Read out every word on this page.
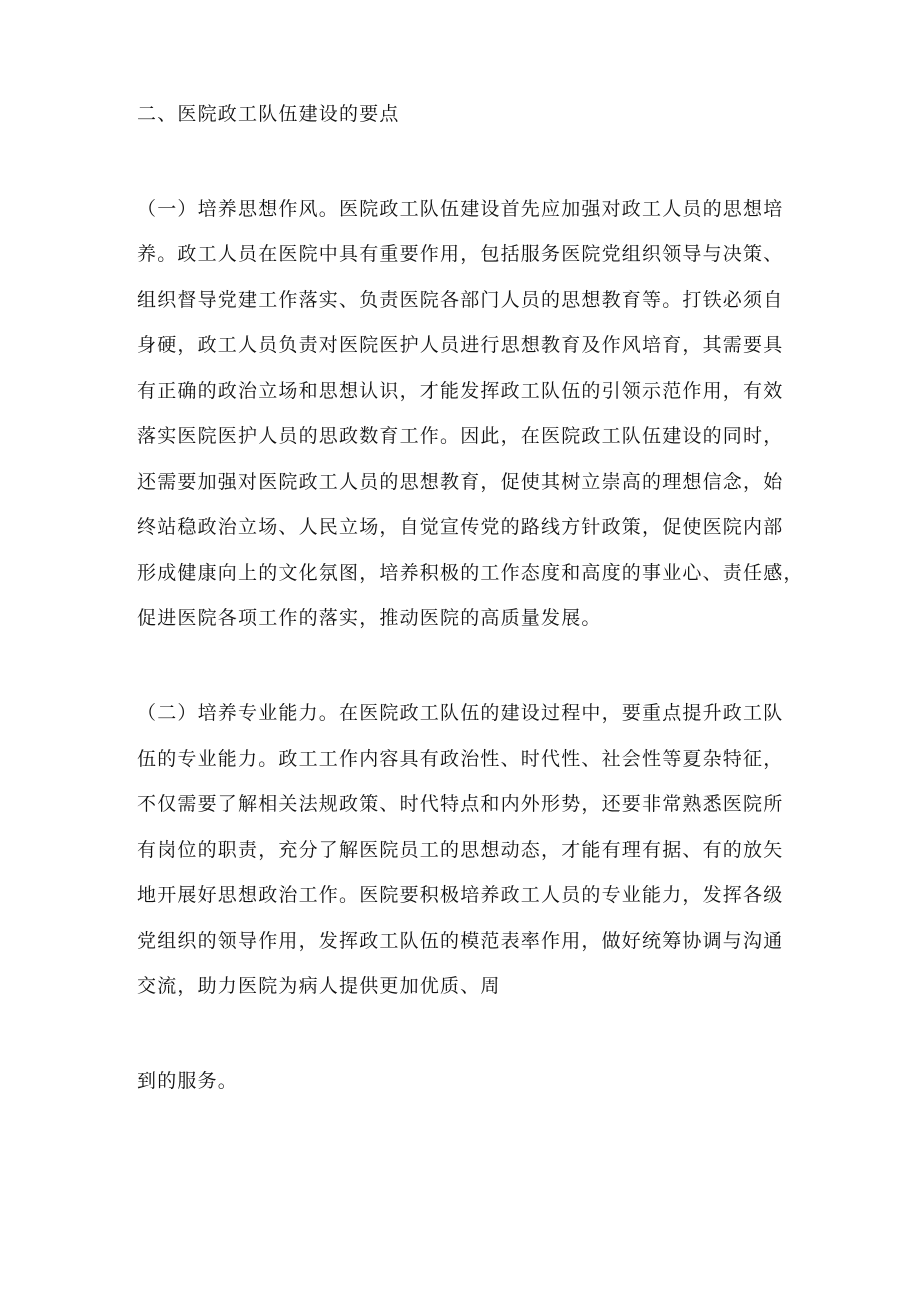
二、医院政工队伍建设的要点
（一）培养思想作风。医院政工队伍建设首先应加强对政工人员的思想培
养。政工人员在医院中具有重要作用，包括服务医院党组织领导与决策、
组织督导党建工作落实、负责医院各部门人员的思想教育等。打铁必须自
身硬，政工人员负责对医院医护人员进行思想教育及作风培育，其需要具
有正确的政治立场和思想认识，才能发挥政工队伍的引领示范作用，有效
落实医院医护人员的思政数育工作。因此，在医院政工队伍建设的同时，
还需要加强对医院政工人员的思想教育，促使其树立崇高的理想信念，始
终站稳政治立场、人民立场，自觉宣传党的路线方针政策，促使医院内部
形成健康向上的文化氛图，培养积极的工作态度和高度的事业心、责任感，
促进医院各项工作的落实，推动医院的高质量发展。
（二）培养专业能力。在医院政工队伍的建设过程中，要重点提升政工队
伍的专业能力。政工工作内容具有政治性、时代性、社会性等夏杂特征，
不仅需要了解相关法规政策、时代特点和内外形势，还要非常熟悉医院所
有岗位的职责，充分了解医院员工的思想动态，才能有理有据、有的放矢
地开展好思想政治工作。医院要积极培养政工人员的专业能力，发挥各级
党组织的领导作用，发挥政工队伍的模范表率作用，做好统筹协调与沟通
交流，助力医院为病人提供更加优质、周
到的服务。
